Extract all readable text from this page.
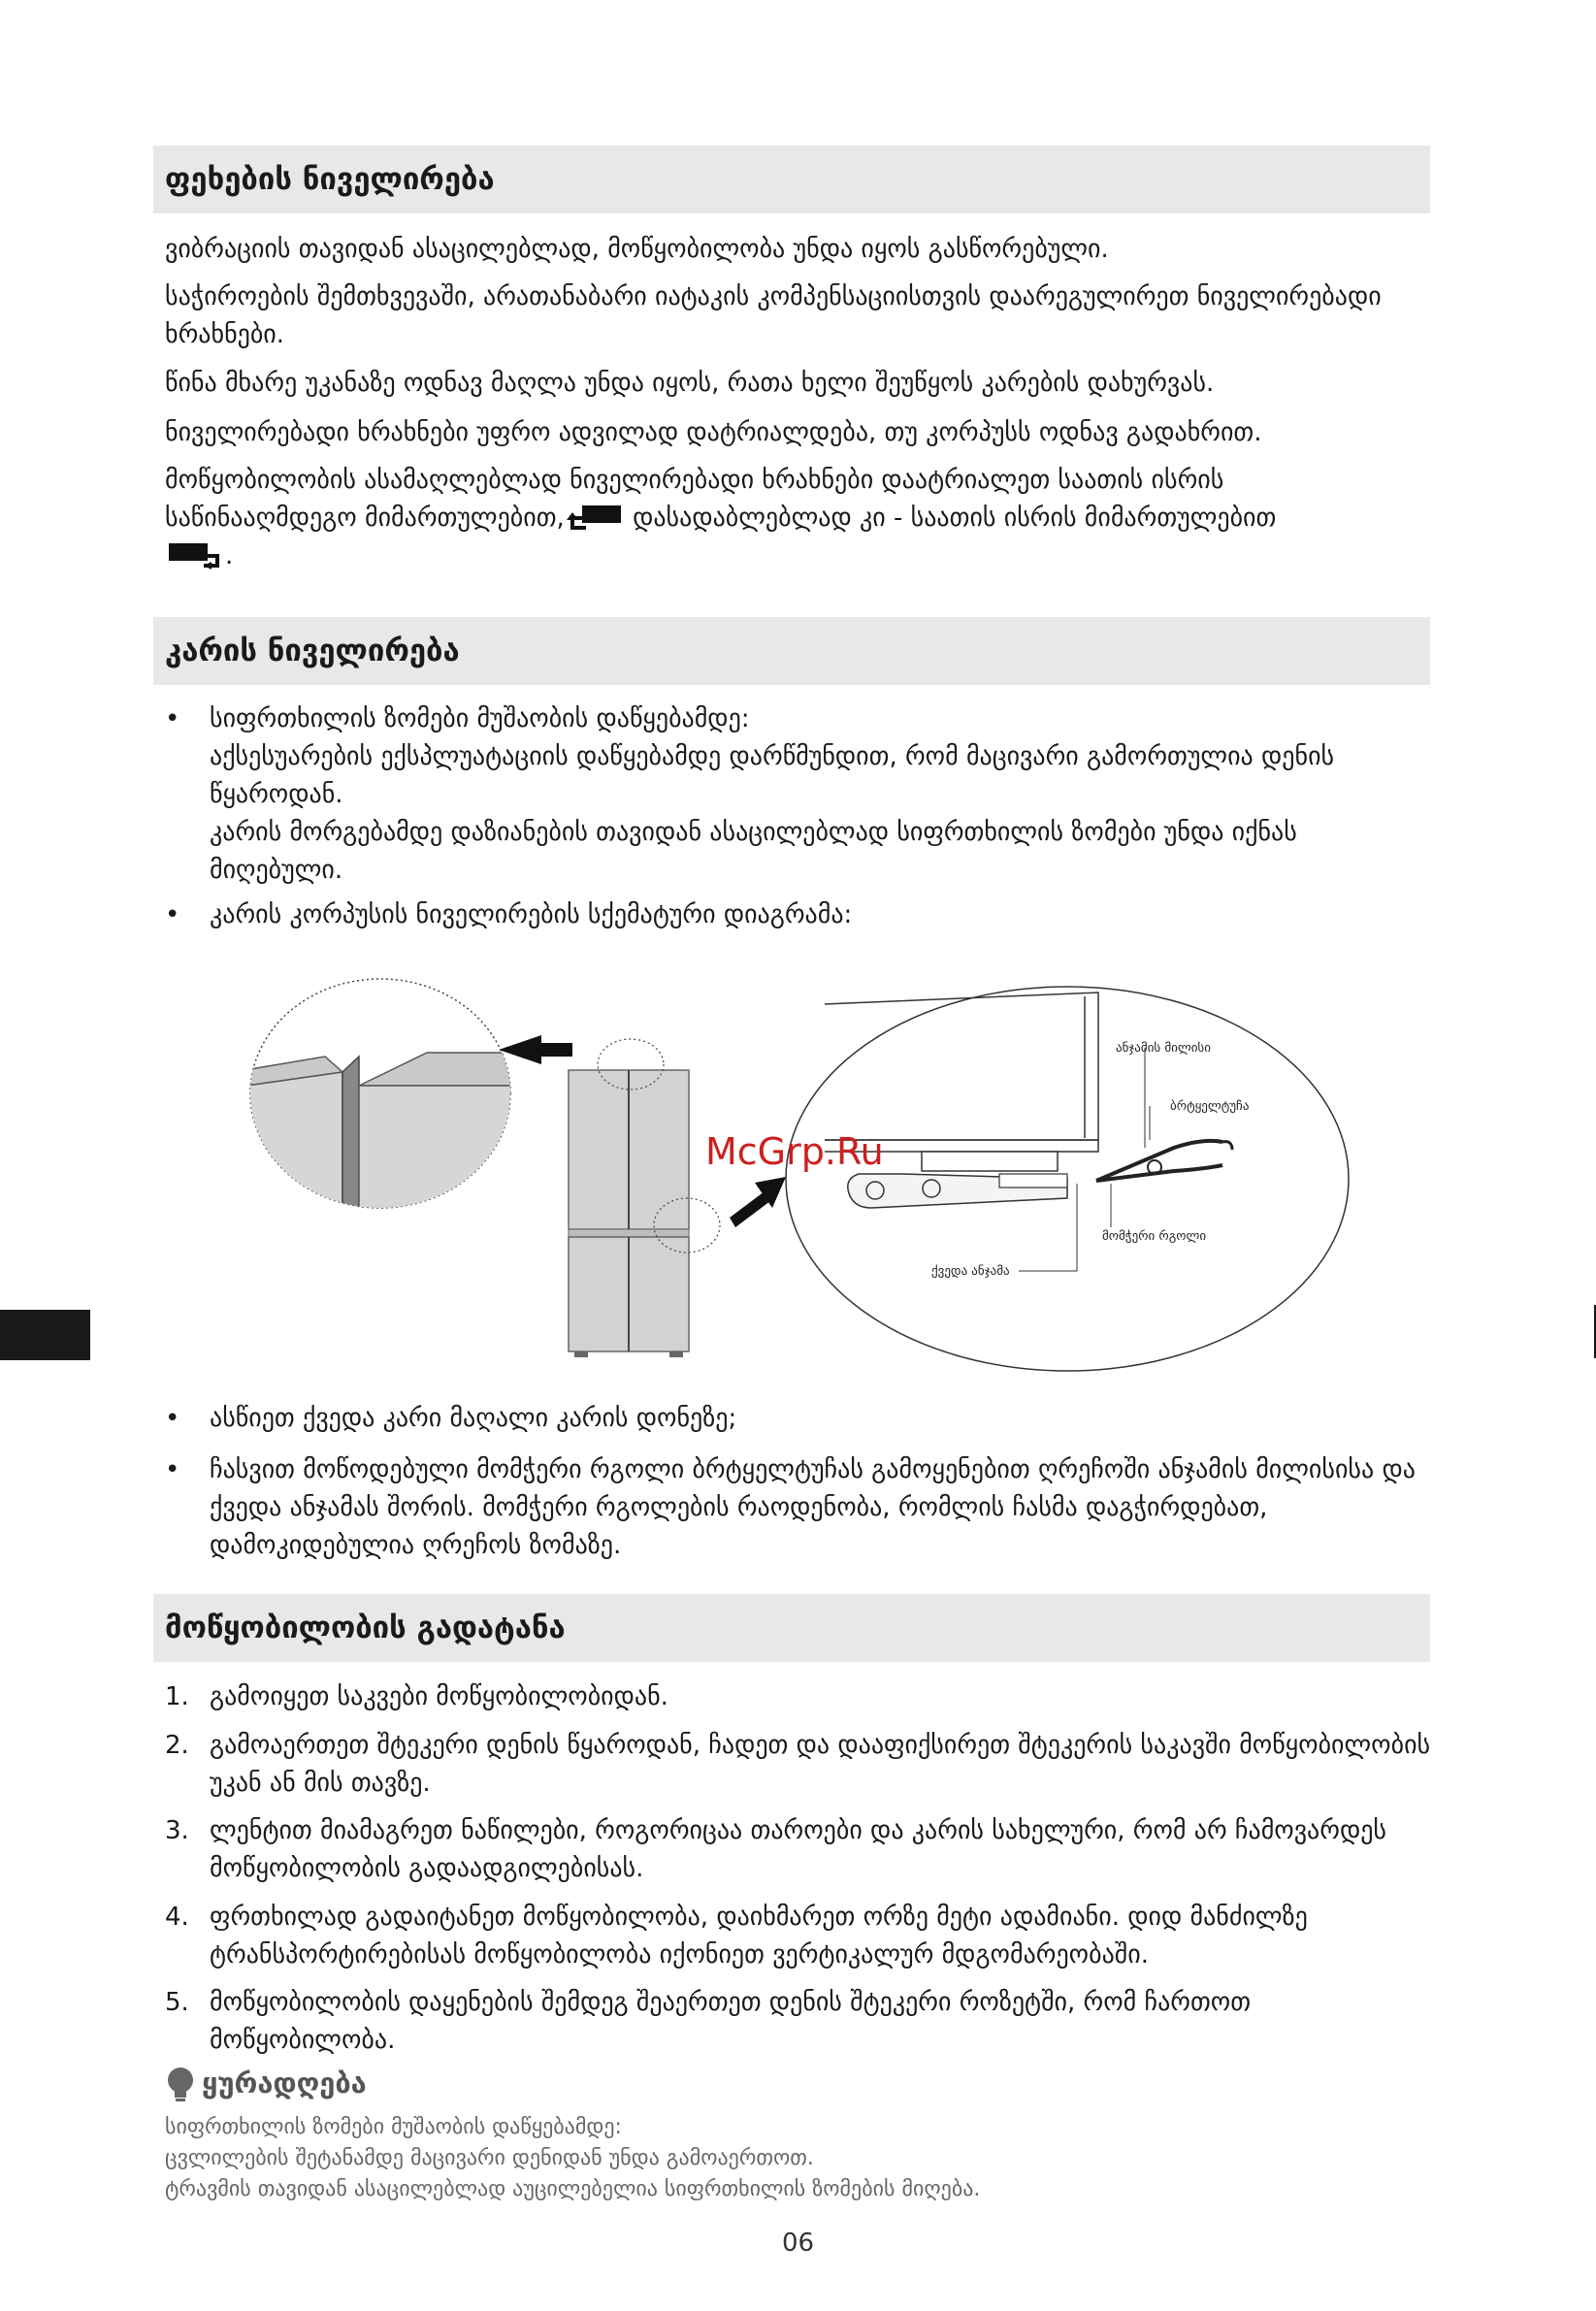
ფეხების ნიველირება

ვიბრაციის თავიდან ასაცილებლად, მოწყობილობა უნდა იყოს გასწორებული.

საჭიროების შემთხვევაში, არათანაბარი იატაკის კომპენსაციისთვის დაარეგულირეთ ნიველირებადი ხრახნები.

წინა მხარე უკანაზე ოდნავ მაღლა უნდა იყოს, რათა ხელი შეუწყოს კარების დახურვას.

ნიველირებადი ხრახნები უფრო ადვილად დატრიალდება, თუ კორპუსს ოდნავ გადახრით.

მოწყობილობის ასამაღლებლად ნიველირებადი ხრახნები დაატრიალეთ საათის ისრის საწინააღმდეგო მიმართულებით, დასადაბლებლად კი - საათის ისრის მიმართულებით.

კარის ნიველირება
•	სიფრთხილის ზომები მუშაობის დაწყებამდე:
აქსესუარების ექსპლუატაციის დაწყებამდე დარწმუნდით, რომ მაცივარი გამორთულია დენის წყაროდან.
კარის მორგებამდე დაზიანების თავიდან ასაცილებლად სიფრთხილის ზომები უნდა იქნას მიღებული.
•	კარის კორპუსის ნიველირების სქემატური დიაგრამა:
ანჯამის მილისი
ბრტყელტუჩა
მომჭერი რგოლი
ქვედა ანჯამა
McGrp.Ru
•	ასწიეთ ქვედა კარი მაღალი კარის დონეზე;
•	ჩასვით მოწოდებული მომჭერი რგოლი ბრტყელტუჩას გამოყენებით ღრეჩოში ანჯამის მილისისა და ქვედა ანჯამას შორის. მომჭერი რგოლების რაოდენობა, რომლის ჩასმა დაგჭირდებათ, დამოკიდებულია ღრეჩოს ზომაზე.
მოწყობილობის გადატანა
1. გამოიყეთ საკვები მოწყობილობიდან.
2. გამოაერთეთ შტეკერი დენის წყაროდან, ჩადეთ და დააფიქსირეთ შტეკერის საკავში მოწყობილობის უკან ან მის თავზე.
3. ლენტით მიამაგრეთ ნაწილები, როგორიცაა თაროები და კარის სახელური, რომ არ ჩამოვარდეს მოწყობილობის გადაადგილებისას.
4. ფრთხილად გადაიტანეთ მოწყობილობა, დაიხმარეთ ორზე მეტი ადამიანი. დიდ მანძილზე ტრანსპორტირებისას მოწყობილობა იქონიეთ ვერტიკალურ მდგომარეობაში.
5. მოწყობილობის დაყენების შემდეგ შეაერთეთ დენის შტეკერი როზეტში, რომ ჩართოთ მოწყობილობა.
ყურადღება
სიფრთხილის ზომები მუშაობის დაწყებამდე:
ცვლილების შეტანამდე მაცივარი დენიდან უნდა გამოაერთოთ.
ტრავმის თავიდან ასაცილებლად აუცილებელია სიფრთხილის ზომების მიღება.
06
